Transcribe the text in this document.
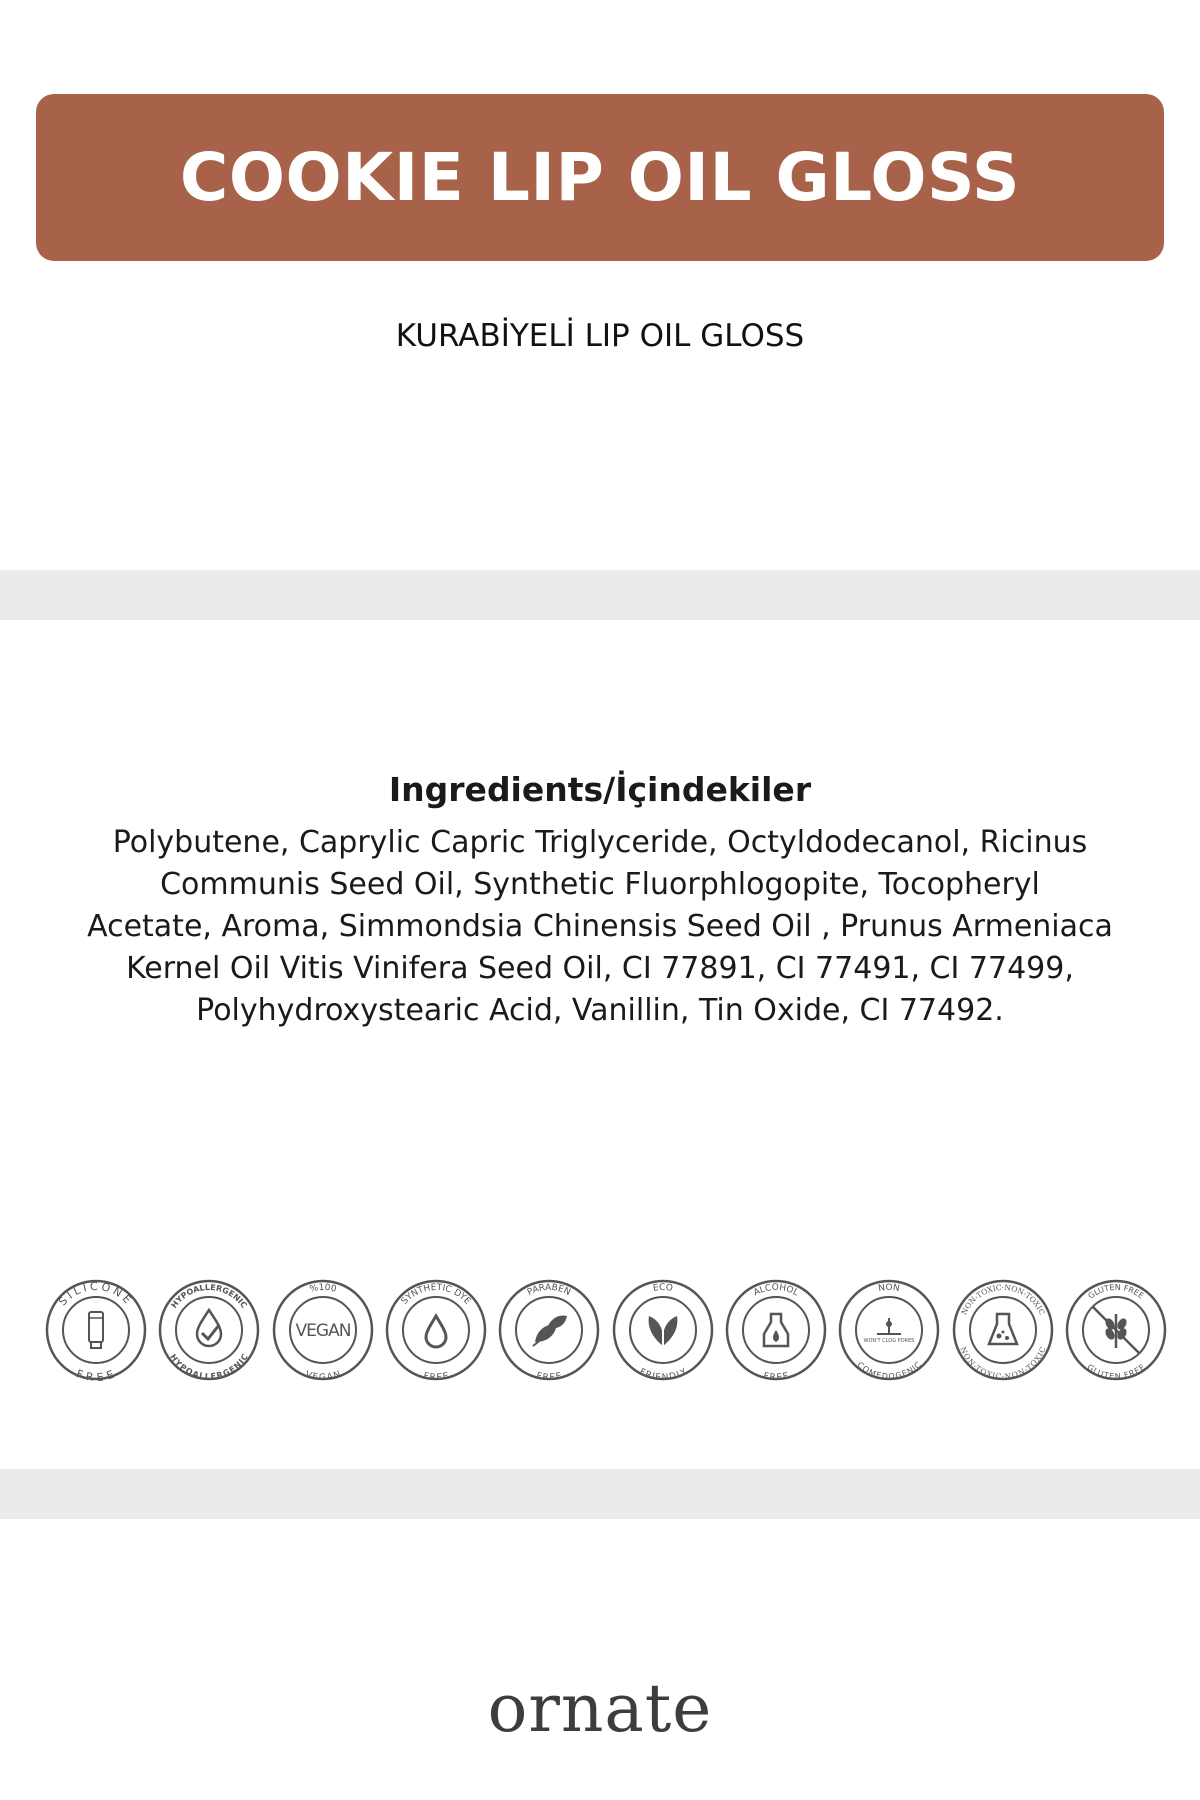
COOKIE LIP OIL GLOSS
KURABİYELİ LIP OIL GLOSS
Ingredients/İçindekiler
Polybutene, Caprylic Capric Triglyceride, Octyldodecanol, Ricinus
Communis Seed Oil, Synthetic Fluorphlogopite, Tocopheryl
Acetate, Aroma, Simmondsia Chinensis Seed Oil , Prunus Armeniaca
Kernel Oil Vitis Vinifera Seed Oil, CI 77891, CI 77491, CI 77499,
Polyhydroxystearic Acid, Vanillin, Tin Oxide, CI 77492.
SILICONE
FREE
HYPOALLERGENIC
HYPOALLERGENIC
%100
VEGAN
VEGAN
SYNTHETIC DYE
FREE
PARABEN
FREE
ECO
FRIENDLY
ALCOHOL
FREE
NON
COMEDOGENIC
WON'T CLOG PORES
NON-TOXIC·NON-TOXIC
NON-TOXIC·NON-TOXIC
GLUTEN FREE
GLUTEN FREE
ornate
